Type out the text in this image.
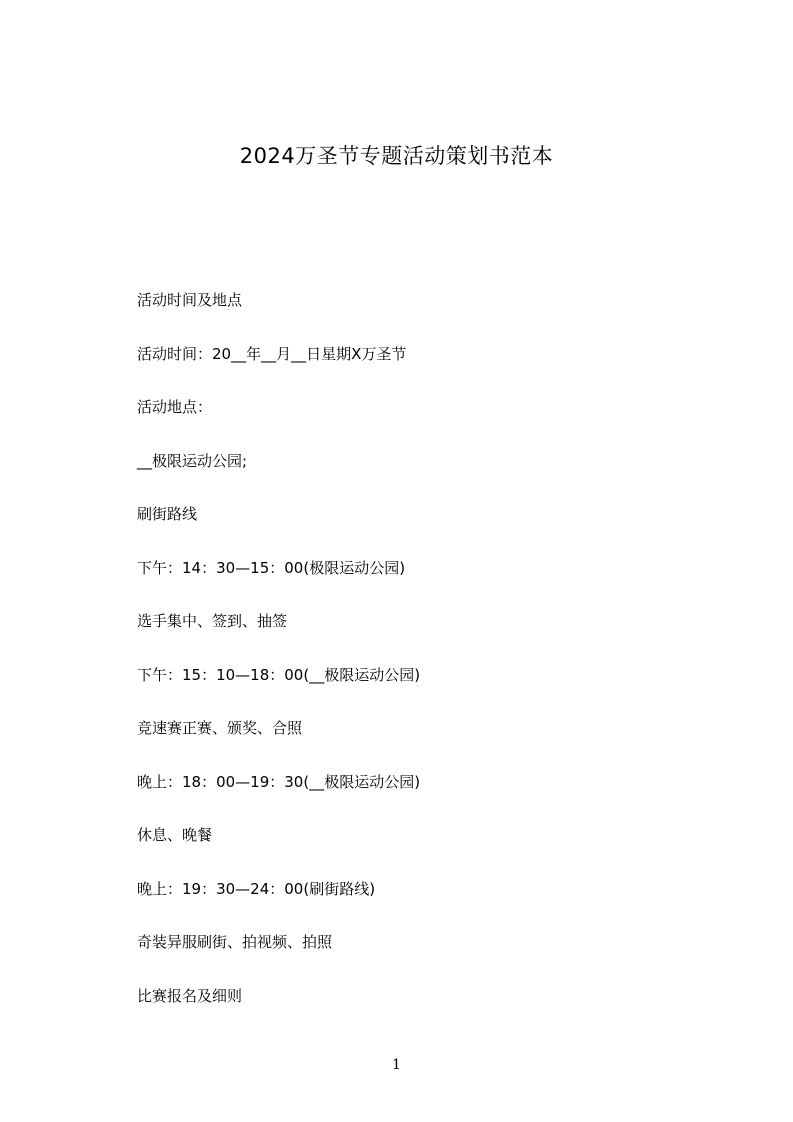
2024万圣节专题活动策划书范本
活动时间及地点
活动时间：20__年__月__日星期X万圣节
活动地点：
__极限运动公园;
刷街路线
下午：14：30—15：00(极限运动公园)
选手集中、签到、抽签
下午：15：10—18：00(__极限运动公园)
竞速赛正赛、颁奖、合照
晚上：18：00—19：30(__极限运动公园)
休息、晚餐
晚上：19：30—24：00(刷街路线)
奇装异服刷街、拍视频、拍照
比赛报名及细则
1
